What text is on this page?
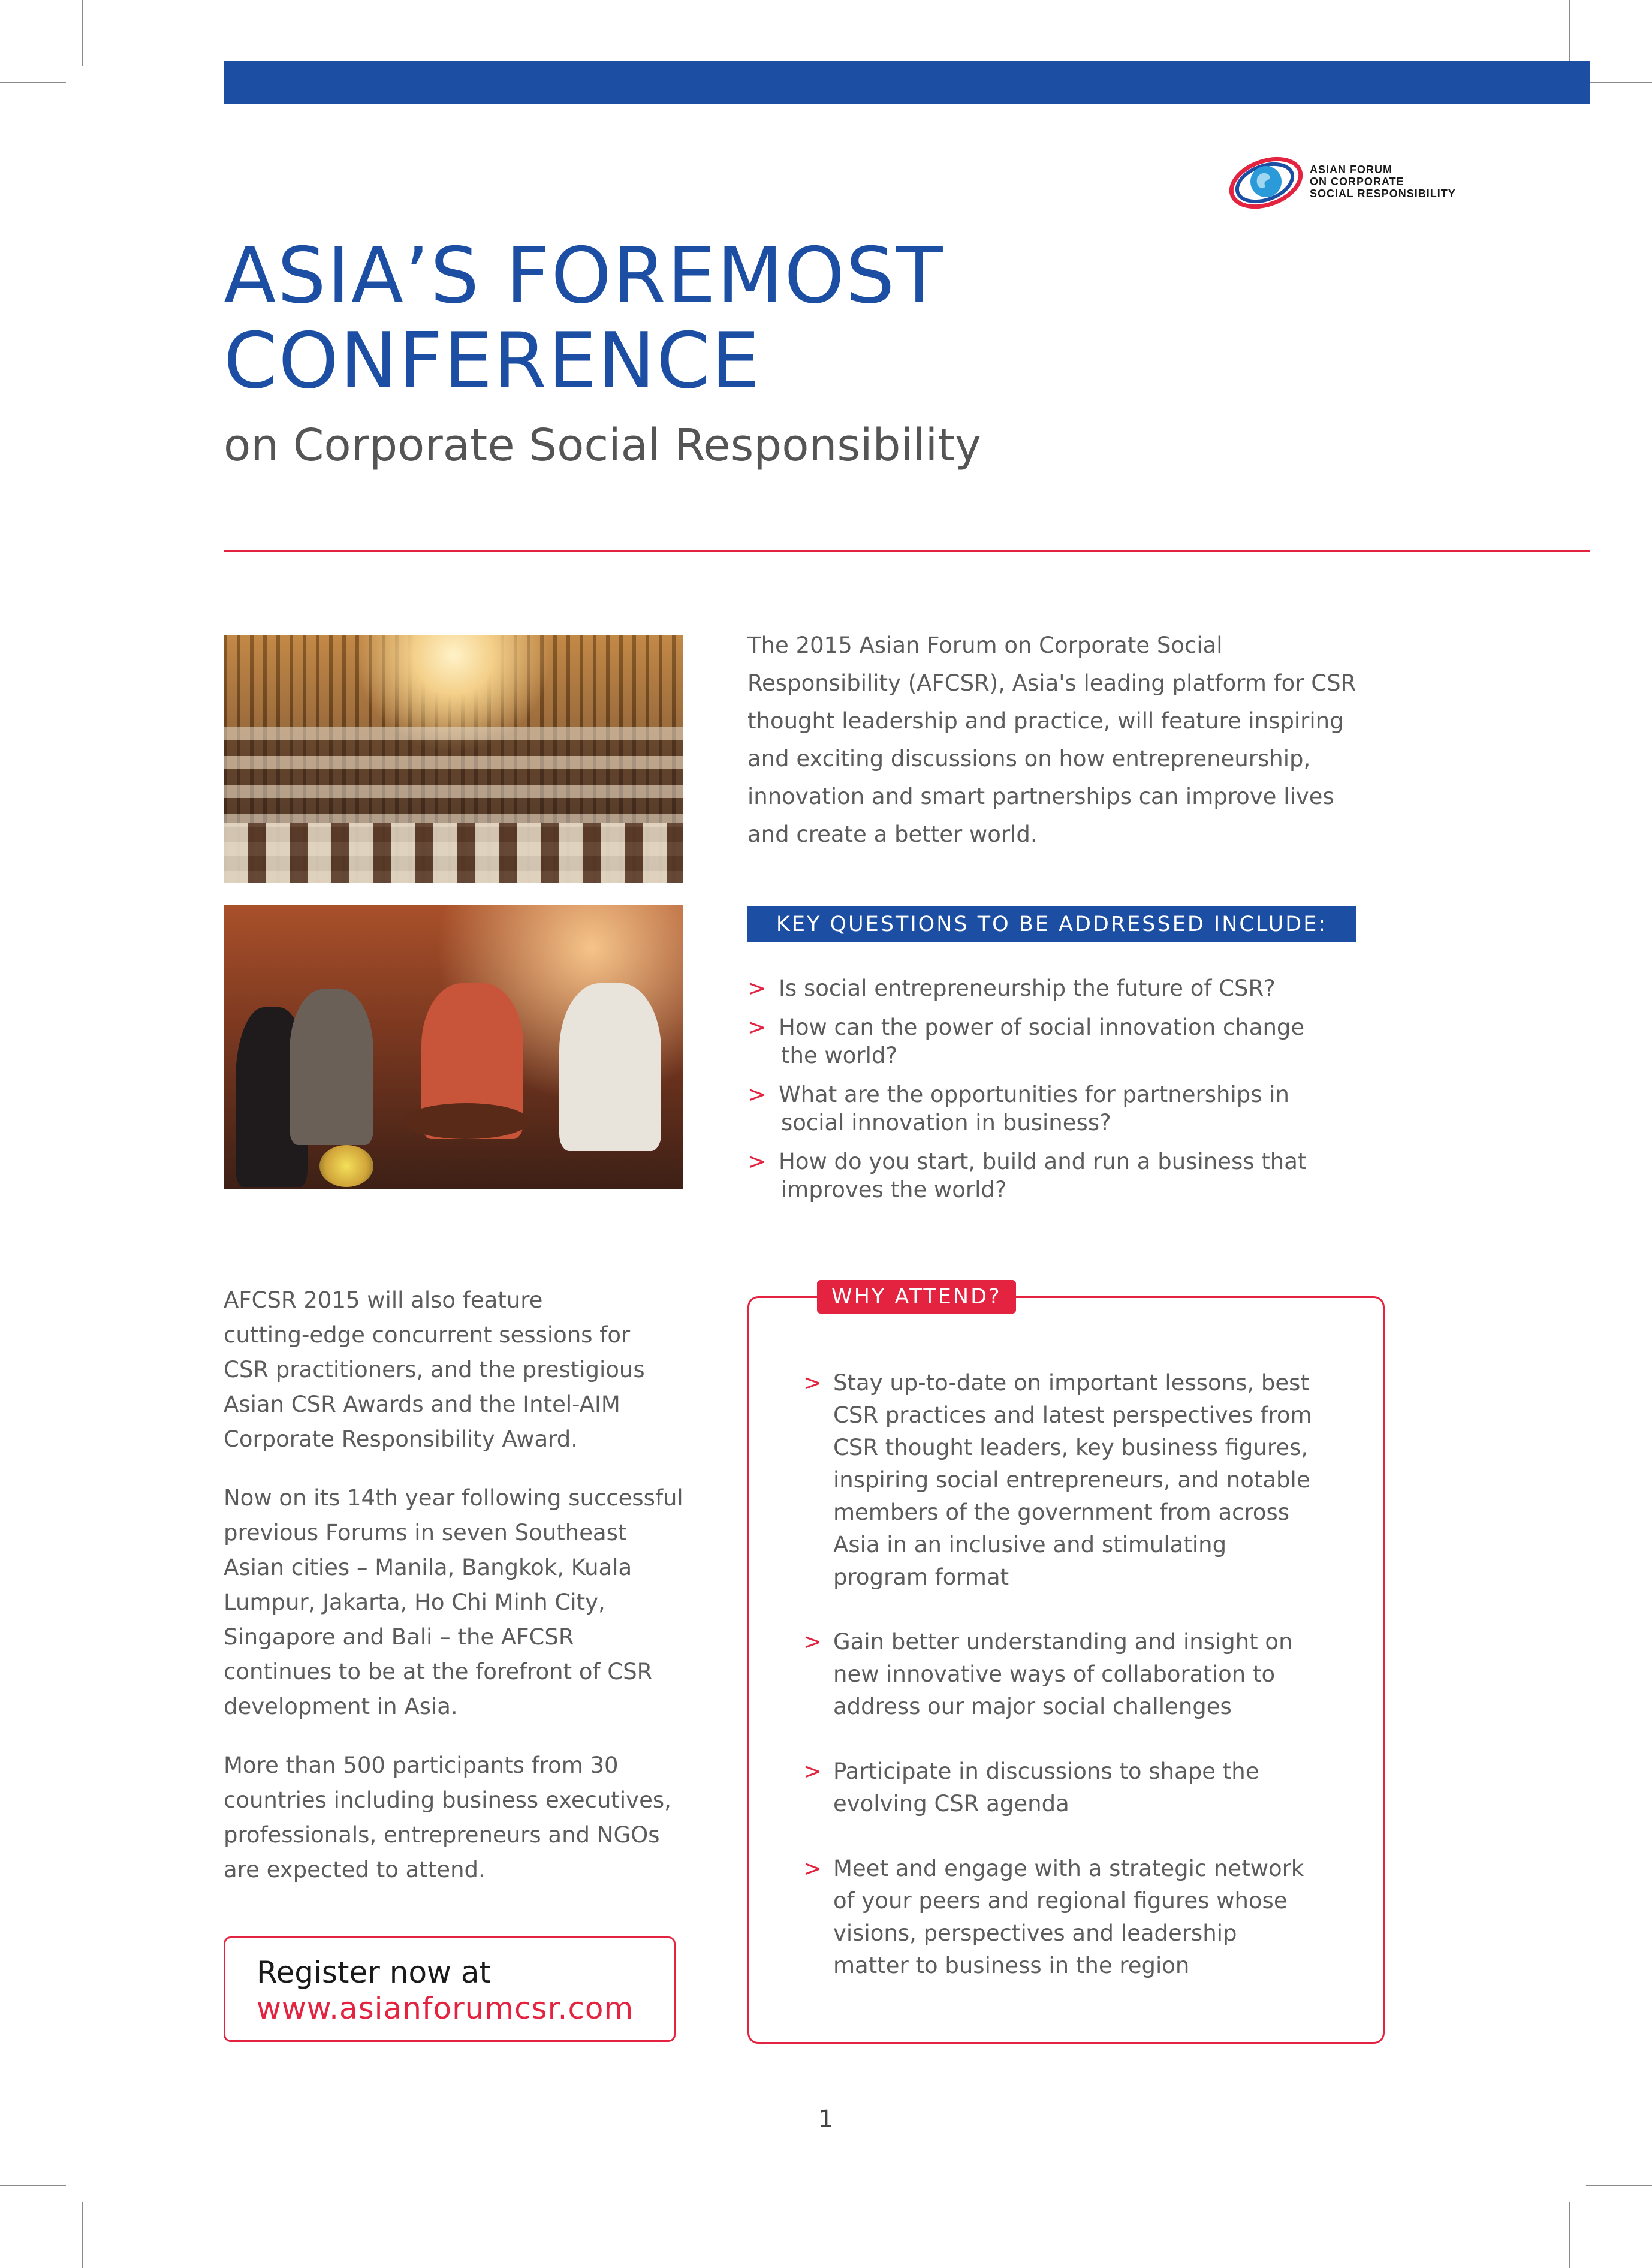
ASIAN FORUM
ON CORPORATE
SOCIAL RESPONSIBILITY
ASIA’S FOREMOST
CONFERENCE
on Corporate Social Responsibility
The 2015 Asian Forum on Corporate Social
Responsibility (AFCSR), Asia's leading platform for CSR
thought leadership and practice, will feature inspiring
and exciting discussions on how entrepreneurship,
innovation and smart partnerships can improve lives
and create a better world.
KEY QUESTIONS TO BE ADDRESSED INCLUDE:
> Is social entrepreneurship the future of CSR?
> How can the power of social innovation change
the world?
> What are the opportunities for partnerships in
social innovation in business?
> How do you start, build and run a business that
improves the world?
AFCSR 2015 will also feature
cutting-edge concurrent sessions for
CSR practitioners, and the prestigious
Asian CSR Awards and the Intel-AIM
Corporate Responsibility Award.
Now on its 14th year following successful
previous Forums in seven Southeast
Asian cities – Manila, Bangkok, Kuala
Lumpur, Jakarta, Ho Chi Minh City,
Singapore and Bali – the AFCSR
continues to be at the forefront of CSR
development in Asia.
More than 500 participants from 30
countries including business executives,
professionals, entrepreneurs and NGOs
are expected to attend.
Register now at
www.asianforumcsr.com
WHY ATTEND?
> Stay up-to-date on important lessons, best
CSR practices and latest perspectives from
CSR thought leaders, key business figures,
inspiring social entrepreneurs, and notable
members of the government from across
Asia in an inclusive and stimulating
program format
> Gain better understanding and insight on
new innovative ways of collaboration to
address our major social challenges
> Participate in discussions to shape the
evolving CSR agenda
> Meet and engage with a strategic network
of your peers and regional figures whose
visions, perspectives and leadership
matter to business in the region
1
